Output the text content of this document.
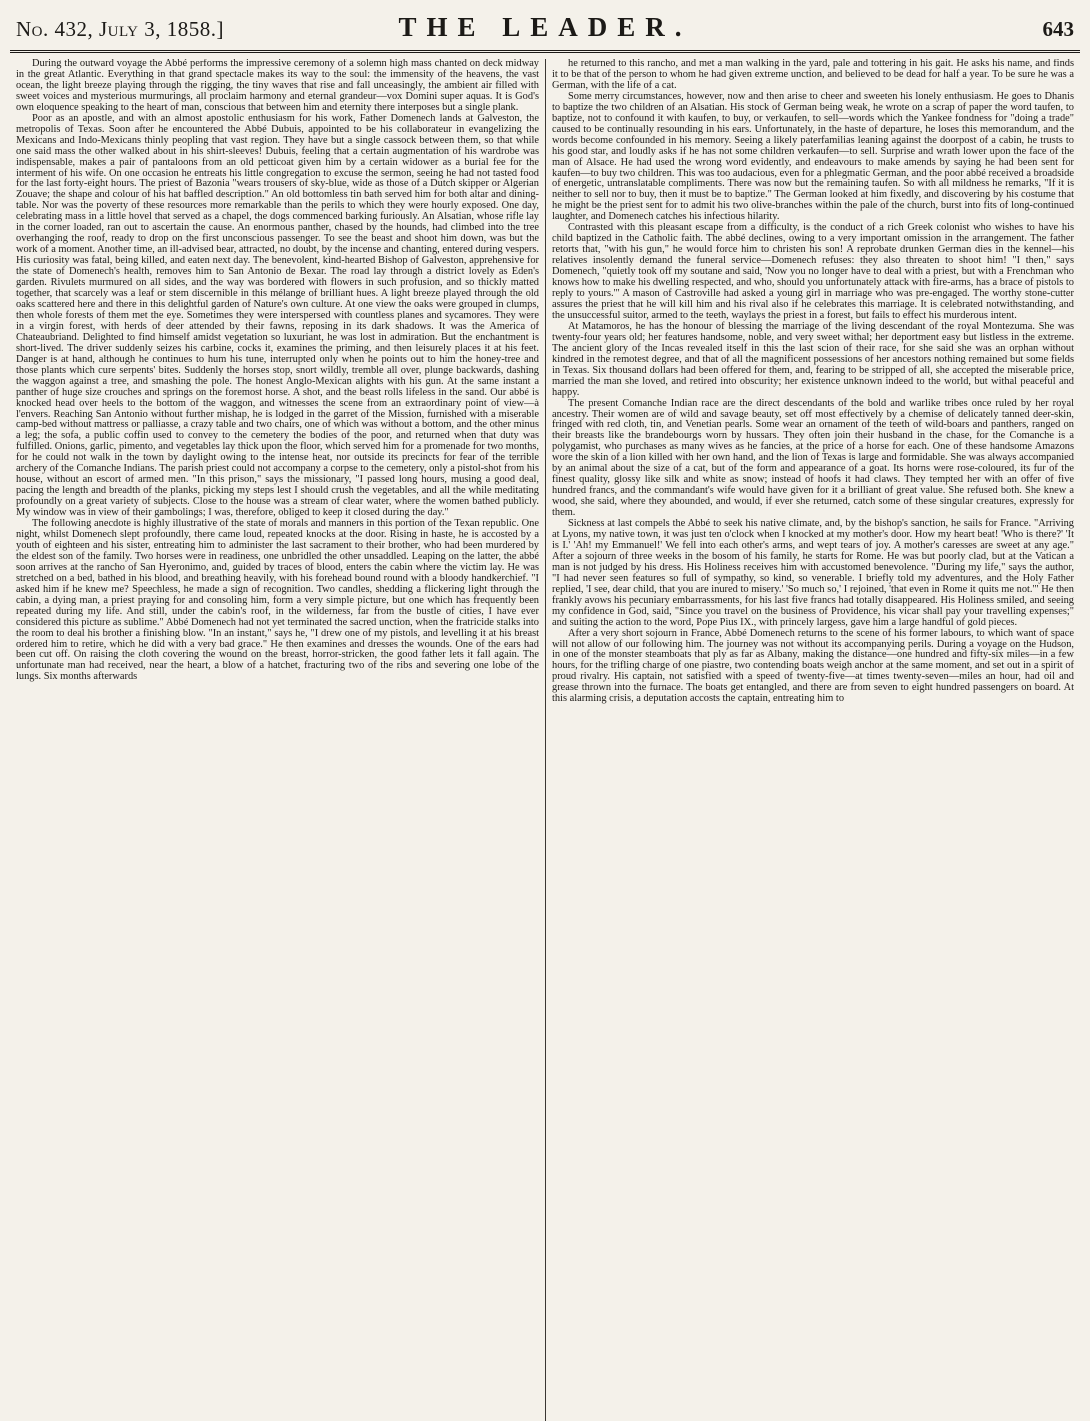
No. 432, July 3, 1858.]	THE LEADER.	643

During the outward voyage the Abbé performs the impressive ceremony of a solemn high mass chanted on deck midway in the great Atlantic. Everything in that grand spectacle makes its way to the soul: the immensity of the heavens, the vast ocean, the light breeze playing through the rigging, the tiny waves that rise and fall unceasingly, the ambient air filled with sweet voices and mysterious murmurings, all proclaim harmony and eternal grandeur—vox Domini super aquas. It is God's own eloquence speaking to the heart of man, conscious that between him and eternity there interposes but a single plank.

Poor as an apostle, and with an almost apostolic enthusiasm for his work, Father Domenech lands at Galveston, the metropolis of Texas. Soon after he encountered the Abbé Dubuis, appointed to be his collaborateur in evangelizing the Mexicans and Indo-Mexicans thinly peopling that vast region. They have but a single cassock between them, so that while one said mass the other walked about in his shirt-sleeves! Dubuis, feeling that a certain augmentation of his wardrobe was indispensable, makes a pair of pantaloons from an old petticoat given him by a certain widower as a burial fee for the interment of his wife. On one occasion he entreats his little congregation to excuse the sermon, seeing he had not tasted food for the last forty-eight hours. The priest of Bazonia "wears trousers of sky-blue, wide as those of a Dutch skipper or Algerian Zouave; the shape and colour of his hat baffled description." An old bottomless tin bath served him for both altar and dining-table. Nor was the poverty of these resources more remarkable than the perils to which they were hourly exposed. One day, celebrating mass in a little hovel that served as a chapel, the dogs commenced barking furiously. An Alsatian, whose rifle lay in the corner loaded, ran out to ascertain the cause. An enormous panther, chased by the hounds, had climbed into the tree overhanging the roof, ready to drop on the first unconscious passenger. To see the beast and shoot him down, was but the work of a moment. Another time, an ill-advised bear, attracted, no doubt, by the incense and chanting, entered during vespers. His curiosity was fatal, being killed, and eaten next day. The benevolent, kind-hearted Bishop of Galveston, apprehensive for the state of Domenech's health, removes him to San Antonio de Bexar. The road lay through a district lovely as Eden's garden. Rivulets murmured on all sides, and the way was bordered with flowers in such profusion, and so thickly matted together, that scarcely was a leaf or stem discernible in this mélange of brilliant hues. A light breeze played through the old oaks scattered here and there in this delightful garden of Nature's own culture. At one view the oaks were grouped in clumps, then whole forests of them met the eye. Sometimes they were interspersed with countless planes and sycamores. They were in a virgin forest, with herds of deer attended by their fawns, reposing in its dark shadows. It was the America of Chateaubriand. Delighted to find himself amidst vegetation so luxuriant, he was lost in admiration. But the enchantment is short-lived. The driver suddenly seizes his carbine, cocks it, examines the priming, and then leisurely places it at his feet. Danger is at hand, although he continues to hum his tune, interrupted only when he points out to him the honey-tree and those plants which cure serpents' bites. Suddenly the horses stop, snort wildly, tremble all over, plunge backwards, dashing the waggon against a tree, and smashing the pole. The honest Anglo-Mexican alights with his gun. At the same instant a panther of huge size crouches and springs on the foremost horse. A shot, and the beast rolls lifeless in the sand. Our abbé is knocked head over heels to the bottom of the waggon, and witnesses the scene from an extraordinary point of view—à l'envers. Reaching San Antonio without further mishap, he is lodged in the garret of the Mission, furnished with a miserable camp-bed without mattress or palliasse, a crazy table and two chairs, one of which was without a bottom, and the other minus a leg; the sofa, a public coffin used to convey to the cemetery the bodies of the poor, and returned when that duty was fulfilled. Onions, garlic, pimento, and vegetables lay thick upon the floor, which served him for a promenade for two months, for he could not walk in the town by daylight owing to the intense heat, nor outside its precincts for fear of the terrible archery of the Comanche Indians. The parish priest could not accompany a corpse to the cemetery, only a pistol-shot from his house, without an escort of armed men. "In this prison," says the missionary, "I passed long hours, musing a good deal, pacing the length and breadth of the planks, picking my steps lest I should crush the vegetables, and all the while meditating profoundly on a great variety of subjects. Close to the house was a stream of clear water, where the women bathed publicly. My window was in view of their gambolings; I was, therefore, obliged to keep it closed during the day."

The following anecdote is highly illustrative of the state of morals and manners in this portion of the Texan republic. One night, whilst Domenech slept profoundly, there came loud, repeated knocks at the door. Rising in haste, he is accosted by a youth of eighteen and his sister, entreating him to administer the last sacrament to their brother, who had been murdered by the eldest son of the family. Two horses were in readiness, one unbridled the other unsaddled. Leaping on the latter, the abbé soon arrives at the rancho of San Hyeronimo, and, guided by traces of blood, enters the cabin where the victim lay. He was stretched on a bed, bathed in his blood, and breathing heavily, with his forehead bound round with a bloody handkerchief. "I asked him if he knew me? Speechless, he made a sign of recognition. Two candles, shedding a flickering light through the cabin, a dying man, a priest praying for and consoling him, form a very simple picture, but one which has frequently been repeated during my life. And still, under the cabin's roof, in the wilderness, far from the bustle of cities, I have ever considered this picture as sublime." Abbé Domenech had not yet terminated the sacred unction, when the fratricide stalks into the room to deal his brother a finishing blow. "In an instant," says he, "I drew one of my pistols, and levelling it at his breast ordered him to retire, which he did with a very bad grace." He then examines and dresses the wounds. One of the ears had been cut off. On raising the cloth covering the wound on the breast, horror-stricken, the good father lets it fall again. The unfortunate man had received, near the heart, a blow of a hatchet, fracturing two of the ribs and severing one lobe of the lungs. Six months afterwards

he returned to this rancho, and met a man walking in the yard, pale and tottering in his gait. He asks his name, and finds it to be that of the person to whom he had given extreme unction, and believed to be dead for half a year. To be sure he was a German, with the life of a cat.

Some merry circumstances, however, now and then arise to cheer and sweeten his lonely enthusiasm. He goes to Dhanis to baptize the two children of an Alsatian. His stock of German being weak, he wrote on a scrap of paper the word taufen, to baptize, not to confound it with kaufen, to buy, or verkaufen, to sell—words which the Yankee fondness for "doing a trade" caused to be continually resounding in his ears. Unfortunately, in the haste of departure, he loses this memorandum, and the words become confounded in his memory. Seeing a likely paterfamilias leaning against the doorpost of a cabin, he trusts to his good star, and loudly asks if he has not some children verkaufen—to sell. Surprise and wrath lower upon the face of the man of Alsace. He had used the wrong word evidently, and endeavours to make amends by saying he had been sent for kaufen—to buy two children. This was too audacious, even for a phlegmatic German, and the poor abbé received a broadside of energetic, untranslatable compliments. There was now but the remaining taufen. So with all mildness he remarks, "If it is neither to sell nor to buy, then it must be to baptize." The German looked at him fixedly, and discovering by his costume that he might be the priest sent for to admit his two olive-branches within the pale of the church, burst into fits of long-continued laughter, and Domenech catches his infectious hilarity.

Contrasted with this pleasant escape from a difficulty, is the conduct of a rich Greek colonist who wishes to have his child baptized in the Catholic faith. The abbé declines, owing to a very important omission in the arrangement. The father retorts that, "with his gun," he would force him to christen his son! A reprobate drunken German dies in the kennel—his relatives insolently demand the funeral service—Domenech refuses: they also threaten to shoot him! "I then," says Domenech, "quietly took off my soutane and said, 'Now you no longer have to deal with a priest, but with a Frenchman who knows how to make his dwelling respected, and who, should you unfortunately attack with fire-arms, has a brace of pistols to reply to yours.'" A mason of Castroville had asked a young girl in marriage who was pre-engaged. The worthy stone-cutter assures the priest that he will kill him and his rival also if he celebrates this marriage. It is celebrated notwithstanding, and the unsuccessful suitor, armed to the teeth, waylays the priest in a forest, but fails to effect his murderous intent.

At Matamoros, he has the honour of blessing the marriage of the living descendant of the royal Montezuma. She was twenty-four years old; her features handsome, noble, and very sweet withal; her deportment easy but listless in the extreme. The ancient glory of the Incas revealed itself in this the last scion of their race, for she said she was an orphan without kindred in the remotest degree, and that of all the magnificent possessions of her ancestors nothing remained but some fields in Texas. Six thousand dollars had been offered for them, and, fearing to be stripped of all, she accepted the miserable price, married the man she loved, and retired into obscurity; her existence unknown indeed to the world, but withal peaceful and happy.

The present Comanche Indian race are the direct descendants of the bold and warlike tribes once ruled by her royal ancestry. Their women are of wild and savage beauty, set off most effectively by a chemise of delicately tanned deer-skin, fringed with red cloth, tin, and Venetian pearls. Some wear an ornament of the teeth of wild-boars and panthers, ranged on their breasts like the brandebourgs worn by hussars. They often join their husband in the chase, for the Comanche is a polygamist, who purchases as many wives as he fancies, at the price of a horse for each. One of these handsome Amazons wore the skin of a lion killed with her own hand, and the lion of Texas is large and formidable. She was always accompanied by an animal about the size of a cat, but of the form and appearance of a goat. Its horns were rose-coloured, its fur of the finest quality, glossy like silk and white as snow; instead of hoofs it had claws. They tempted her with an offer of five hundred francs, and the commandant's wife would have given for it a brilliant of great value. She refused both. She knew a wood, she said, where they abounded, and would, if ever she returned, catch some of these singular creatures, expressly for them.

Sickness at last compels the Abbé to seek his native climate, and, by the bishop's sanction, he sails for France. "Arriving at Lyons, my native town, it was just ten o'clock when I knocked at my mother's door. How my heart beat! 'Who is there?' 'It is I.' 'Ah! my Emmanuel!' We fell into each other's arms, and wept tears of joy. A mother's caresses are sweet at any age." After a sojourn of three weeks in the bosom of his family, he starts for Rome. He was but poorly clad, but at the Vatican a man is not judged by his dress. His Holiness receives him with accustomed benevolence. "During my life," says the author, "I had never seen features so full of sympathy, so kind, so venerable. I briefly told my adventures, and the Holy Father replied, 'I see, dear child, that you are inured to misery.' 'So much so,' I rejoined, 'that even in Rome it quits me not.'" He then frankly avows his pecuniary embarrassments, for his last five francs had totally disappeared. His Holiness smiled, and seeing my confidence in God, said, "Since you travel on the business of Providence, his vicar shall pay your travelling expenses;" and suiting the action to the word, Pope Pius IX., with princely largess, gave him a large handful of gold pieces.

After a very short sojourn in France, Abbé Domenech returns to the scene of his former labours, to which want of space will not allow of our following him. The journey was not without its accompanying perils. During a voyage on the Hudson, in one of the monster steamboats that ply as far as Albany, making the distance—one hundred and fifty-six miles—in a few hours, for the trifling charge of one piastre, two contending boats weigh anchor at the same moment, and set out in a spirit of proud rivalry. His captain, not satisfied with a speed of twenty-five—at times twenty-seven—miles an hour, had oil and grease thrown into the furnace. The boats get entangled, and there are from seven to eight hundred passengers on board. At this alarming crisis, a deputation accosts the captain, entreating him to
